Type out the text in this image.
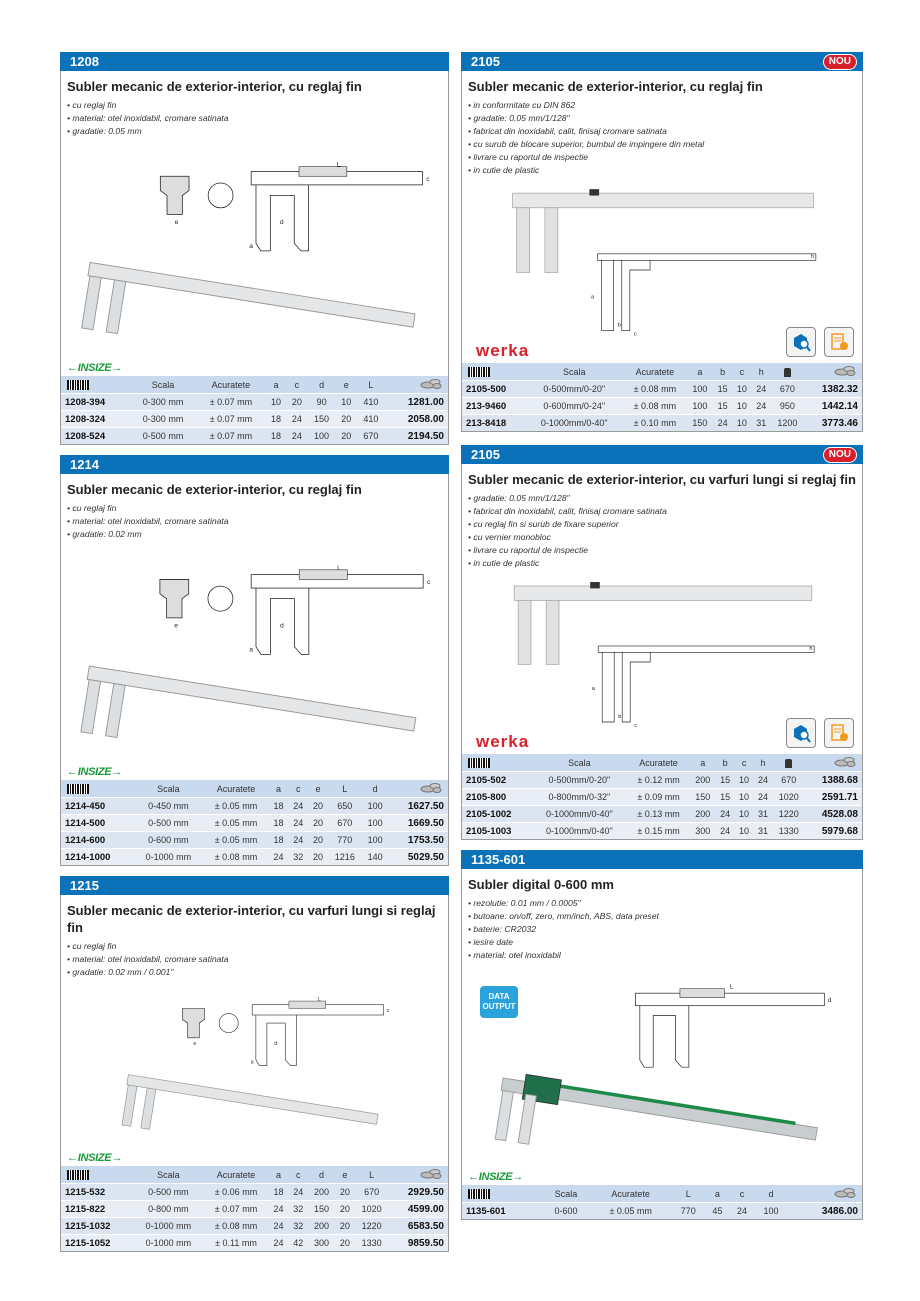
1208
Subler mecanic de exterior-interior, cu reglaj fin
• cu reglaj fin
• material: otel inoxidabil, cromare satinata
• gradatie: 0.05 mm
L
c
d
a
e
←INSIZE→
	Scala	Acuratete	a	c	d	e	L	
1208-394	0-300 mm	± 0.07 mm	10	20	90	10	410	1281.00
1208-324	0-300 mm	± 0.07 mm	18	24	150	20	410	2058.00
1208-524	0-500 mm	± 0.07 mm	18	24	100	20	670	2194.50
1214
Subler mecanic de exterior-interior, cu reglaj fin
• cu reglaj fin
• material: otel inoxidabil, cromare satinata
• gradatie: 0.02 mm
L
c
d
a
e
←INSIZE→
	Scala	Acuratete	a	c	e	L	d	
1214-450	0-450 mm	± 0.05 mm	18	24	20	650	100	1627.50
1214-500	0-500 mm	± 0.05 mm	18	24	20	670	100	1669.50
1214-600	0-600 mm	± 0.05 mm	18	24	20	770	100	1753.50
1214-1000	0-1000 mm	± 0.08 mm	24	32	20	1216	140	5029.50
1215
Subler mecanic de exterior-interior, cu varfuri lungi si reglaj fin
• cu reglaj fin
• material: otel inoxidabil, cromare satinata
• gradatie: 0.02 mm / 0.001"
L
c
d
a
e
←INSIZE→
	Scala	Acuratete	a	c	d	e	L	
1215-532	0-500 mm	± 0.06 mm	18	24	200	20	670	2929.50
1215-822	0-800 mm	± 0.07 mm	24	32	150	20	1020	4599.00
1215-1032	0-1000 mm	± 0.08 mm	24	32	200	20	1220	6583.50
1215-1052	0-1000 mm	± 0.11 mm	24	42	300	20	1330	9859.50
2105	NOU
Subler mecanic de exterior-interior, cu reglaj fin
• in conformitate cu DIN 862
• gradatie: 0.05 mm/1/128"
• fabricat din inoxidabil, calit, finisaj cromare satinata
• cu surub de blocare superior, bumbul de impingere din metal
• livrare cu raportul de inspectie
• in cutie de plastic
h
a
b
c
werka
	Scala	Acuratete	a	b	c	h		
2105-500	0-500mm/0-20"	± 0.08 mm	100	15	10	24	670	1382.32
213-9460	0-600mm/0-24"	± 0.08 mm	100	15	10	24	950	1442.14
213-8418	0-1000mm/0-40"	± 0.10 mm	150	24	10	31	1200	3773.46
2105	NOU
Subler mecanic de exterior-interior, cu varfuri lungi si reglaj fin
• gradatie: 0.05 mm/1/128"
• fabricat din inoxidabil, calit, finisaj cromare satinata
• cu reglaj fin si surub de fixare superior
• cu vernier monobloc
• livrare cu raportul de inspectie
• in cutie de plastic
h
a
b
c
werka
	Scala	Acuratete	a	b	c	h		
2105-502	0-500mm/0-20"	± 0.12 mm	200	15	10	24	670	1388.68
2105-800	0-800mm/0-32"	± 0.09 mm	150	15	10	24	1020	2591.71
2105-1002	0-1000mm/0-40"	± 0.13 mm	200	24	10	31	1220	4528.08
2105-1003	0-1000mm/0-40"	± 0.15 mm	300	24	10	31	1330	5979.68
1135-601
Subler digital 0-600 mm
• rezolutie: 0.01 mm / 0.0005"
• butoane: on/off, zero, mm/inch, ABS, data preset
• baterie: CR2032
• iesire date
• material: otel inoxidabil
L
d
DATA OUTPUT
←INSIZE→
	Scala	Acuratete	L	a	c	d	
1135-601	0-600	± 0.05 mm	770	45	24	100	3486.00
